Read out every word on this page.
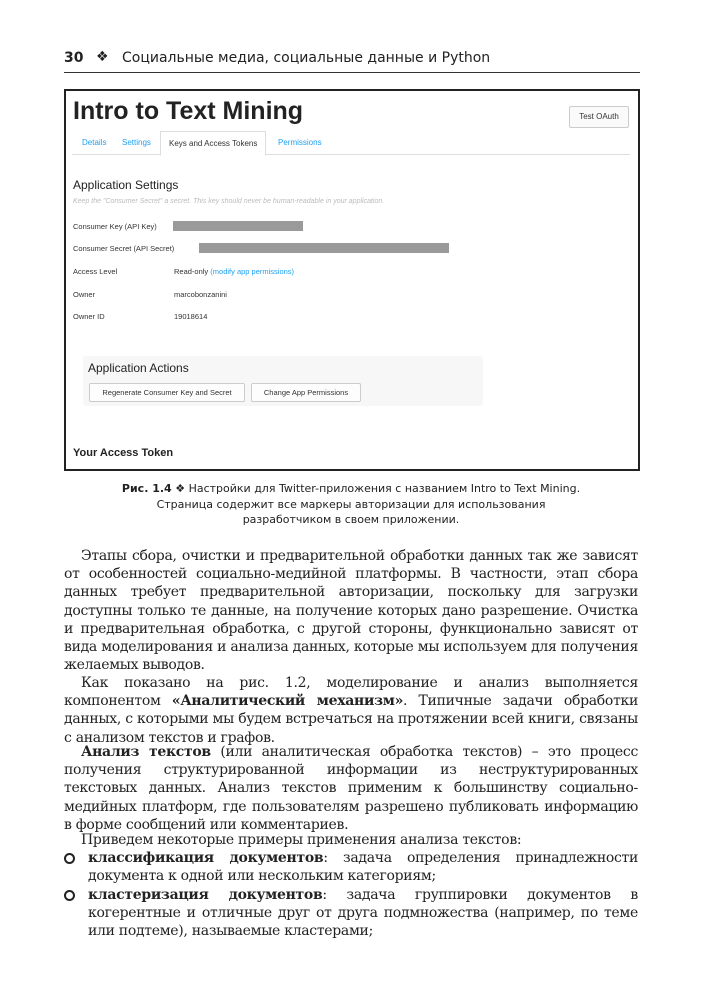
30 ❖ Социальные медиа, социальные данные и Python
Intro to Text Mining	Test OAuth
Details Settings	Keys and Access Tokens	Permissions
Application Settings
Keep the "Consumer Secret" a secret. This key should never be human-readable in your application.
Consumer Key (API Key)
Consumer Secret (API Secret)
Access Level	Read-only (modify app permissions)
Owner	marcobonzanini
Owner ID	19018614
Application Actions
Regenerate Consumer Key and Secret	Change App Permissions
Your Access Token
Рис. 1.4 ❖ Настройки для Twitter-приложения с названием Intro to Text Mining.
Страница содержит все маркеры авторизации для использования
разработчиком в своем приложении.
Этапы сбора, очистки и предварительной обработки данных так же зависят от особенностей социально-медийной платформы. В частности, этап сбора данных требует предварительной авторизации, поскольку для загрузки доступны только те данные, на получение которых дано разрешение. Очистка и предварительная обработка, с другой стороны, функционально зависят от вида моделирования и анализа данных, которые мы используем для получения желаемых выводов.
Как показано на рис. 1.2, моделирование и анализ выполняется компонентом «Аналитический механизм». Типичные задачи обработки данных, с которыми мы будем встречаться на протяжении всей книги, связаны с анализом текстов и графов.
Анализ текстов (или аналитическая обработка текстов) – это процесс получения структурированной информации из неструктурированных текстовых данных. Анализ текстов применим к большинству социально-медийных платформ, где пользователям разрешено публиковать информацию в форме сообщений или комментариев.
Приведем некоторые примеры применения анализа текстов:
классификация документов: задача определения принадлежности документа к одной или нескольким категориям;
кластеризация документов: задача группировки документов в когерентные и отличные друг от друга подмножества (например, по теме или подтеме), называемые кластерами;
